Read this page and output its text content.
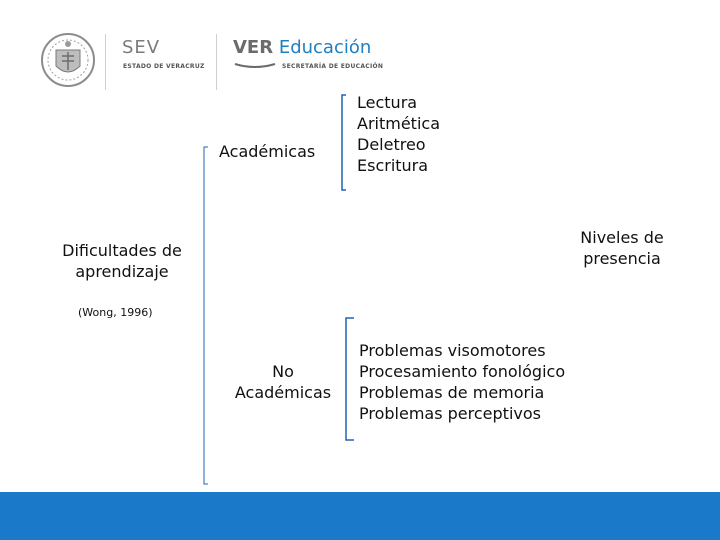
SEV
ESTADO DE VERACRUZ
VER Educación
SECRETARÍA DE EDUCACIÓN
Dificultades de
aprendizaje
(Wong, 1996)
Académicas
Lectura
Aritmética
Deletreo
Escritura
No
Académicas
Problemas visomotores
Procesamiento fonológico
Problemas de memoria
Problemas perceptivos
Niveles de
presencia
